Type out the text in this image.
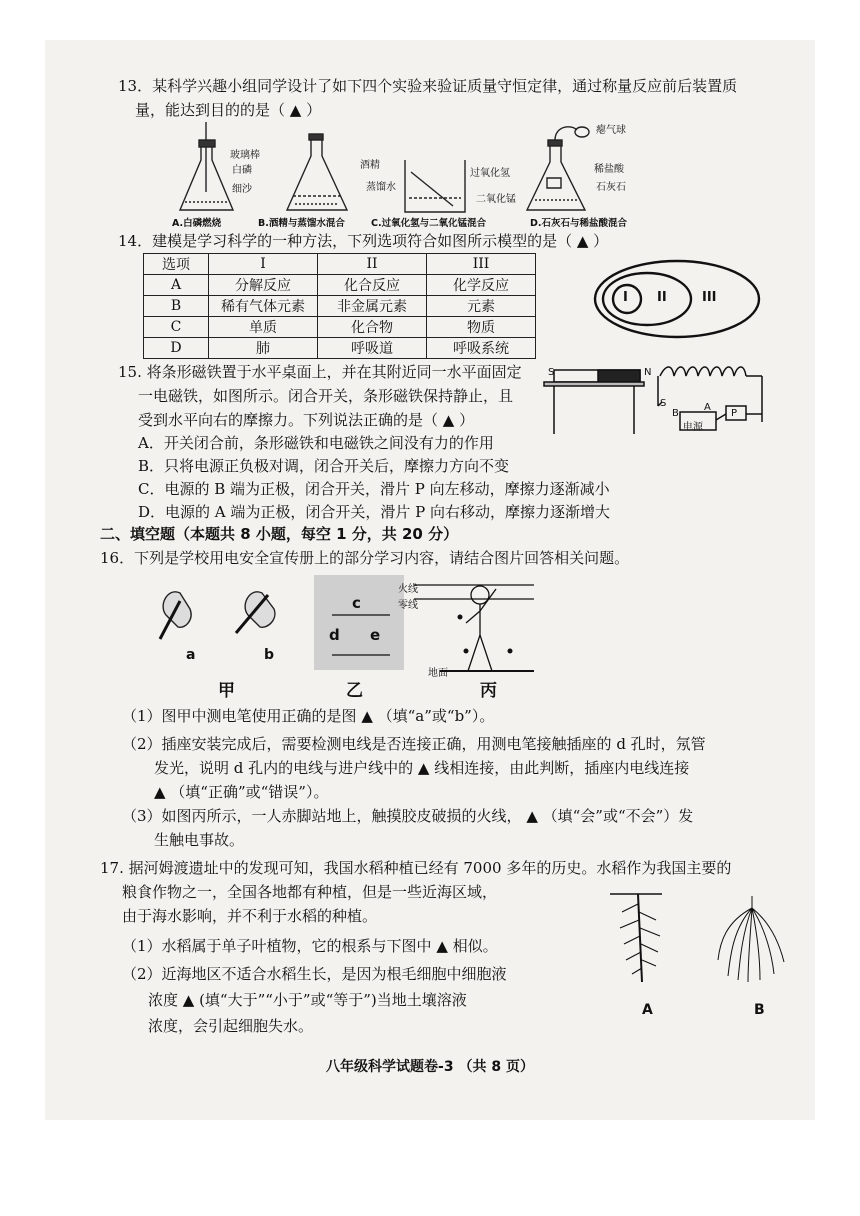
13．某科学兴趣小组同学设计了如下四个实验来验证质量守恒定律，通过称量反应前后装置质
量，能达到目的的是（ ▲ ）
玻璃棒
白磷
细沙
酒精
蒸馏水
过氧化氢
二氧化锰
瘪气球
稀盐酸
石灰石
A.白磷燃烧	B.酒精与蒸馏水混合	C.过氧化氢与二氧化锰混合	D.石灰石与稀盐酸混合
14．建模是学习科学的一种方法，下列选项符合如图所示模型的是（ ▲ ）
选项	I	II	III
A	分解反应	化合反应	化学反应
B	稀有气体元素	非金属元素	元素
C	单质	化合物	物质
D	肺	呼吸道	呼吸系统
I II	III
15. 将条形磁铁置于水平桌面上，并在其附近同一水平面固定
一电磁铁，如图所示。闭合开关，条形磁铁保持静止，且
受到水平向右的摩擦力。下列说法正确的是（ ▲ ）
A．开关闭合前，条形磁铁和电磁铁之间没有力的作用
B．只将电源正负极对调，闭合开关后，摩擦力方向不变
C．电源的 B 端为正极，闭合开关，滑片 P 向左移动，摩擦力逐渐减小
D．电源的 A 端为正极，闭合开关，滑片 P 向右移动，摩擦力逐渐增大
S	N
S
B
A
P
电源
二、填空题（本题共 8 小题，每空 1 分，共 20 分）
16．下列是学校用电安全宣传册上的部分学习内容，请结合图片回答相关问题。
a	b
c
d e
火线
零线
地面
甲	乙	丙
（1）图甲中测电笔使用正确的是图 ▲ （填“a”或“b”）。
（2）插座安装完成后，需要检测电线是否连接正确，用测电笔接触插座的 d 孔时，氖管
发光，说明 d 孔内的电线与进户线中的 ▲ 线相连接，由此判断，插座内电线连接
▲ （填“正确”或“错误”）。
（3）如图丙所示，一人赤脚站地上，触摸胶皮破损的火线， ▲ （填“会”或“不会”）发
生触电事故。
17. 据河姆渡遗址中的发现可知，我国水稻种植已经有 7000 多年的历史。水稻作为我国主要的
粮食作物之一，全国各地都有种植，但是一些近海区域，
由于海水影响，并不利于水稻的种植。
（1）水稻属于单子叶植物，它的根系与下图中 ▲ 相似。
（2）近海地区不适合水稻生长，是因为根毛细胞中细胞液
浓度 ▲ (填“大于”“小于”或“等于”)当地土壤溶液
浓度，会引起细胞失水。
A	B
八年级科学试题卷-3 （共 8 页）
